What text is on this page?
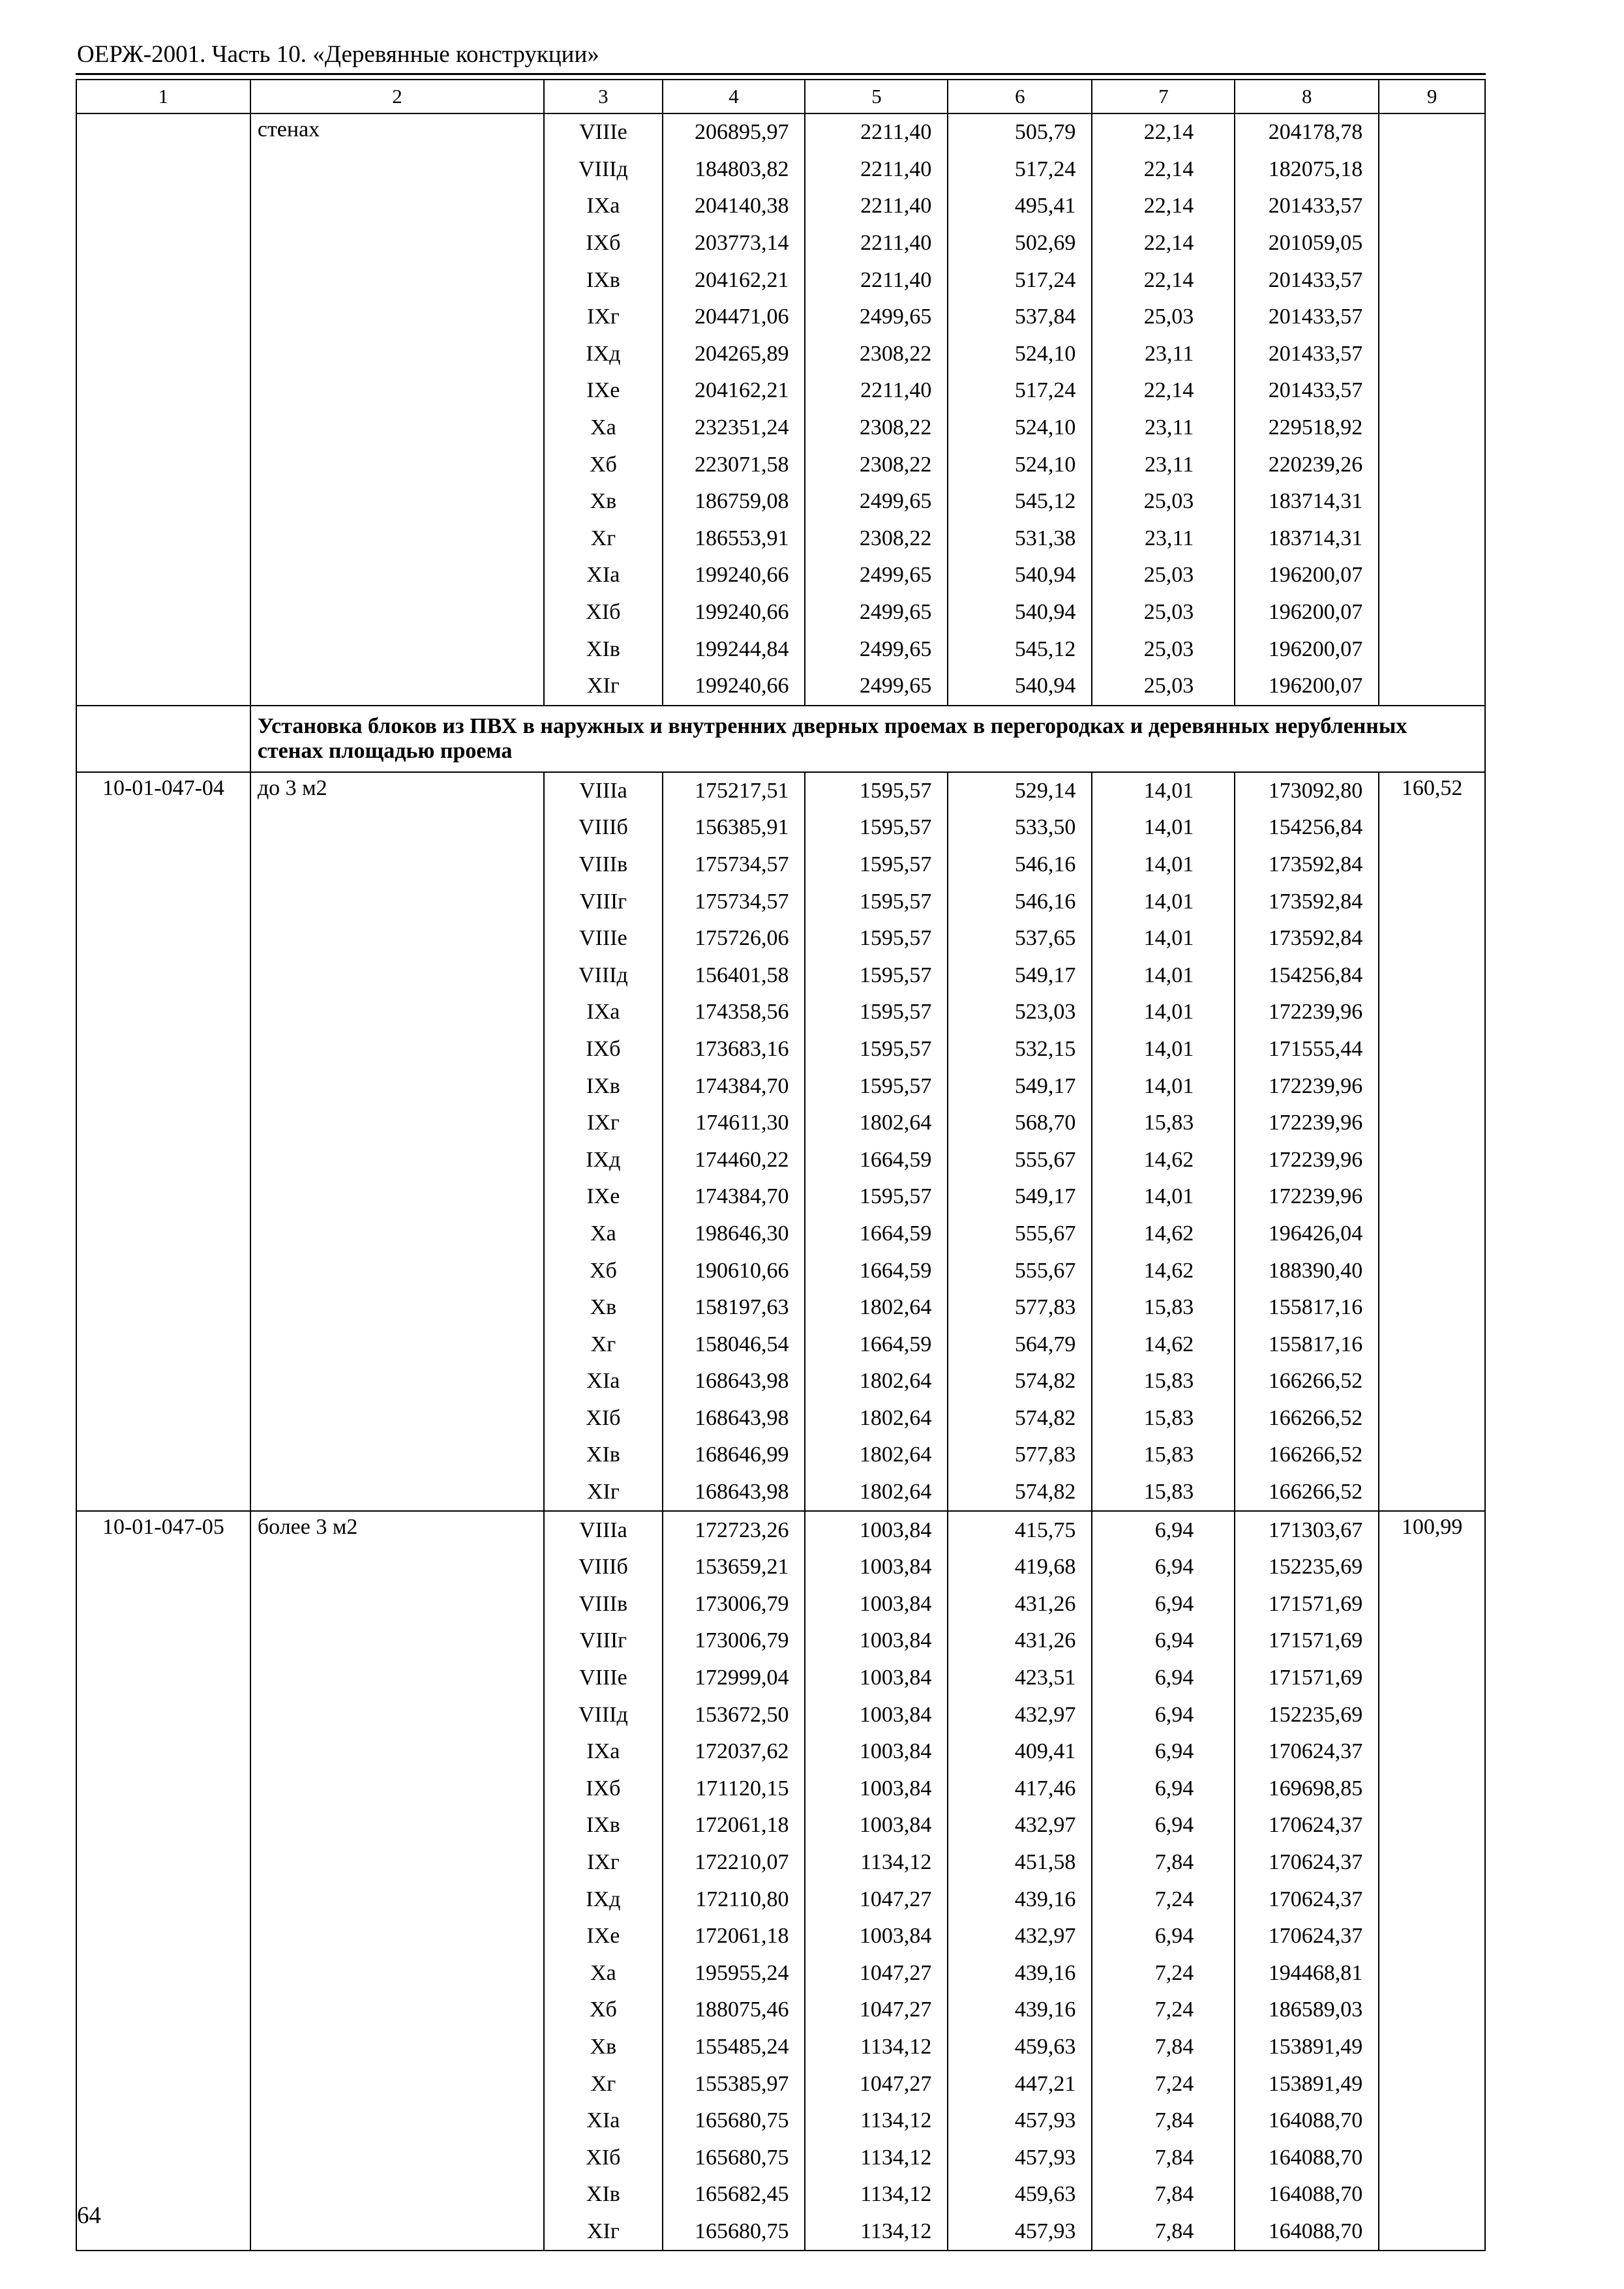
ОЕРЖ-2001. Часть 10. «Деревянные конструкции»
1	2	3	4	5	6	7	8	9
	стенах	VIIIe	206895,97	2211,40	505,79	22,14	204178,78	
		VIIIд	184803,82	2211,40	517,24	22,14	182075,18	
		IXa	204140,38	2211,40	495,41	22,14	201433,57	
		IXб	203773,14	2211,40	502,69	22,14	201059,05	
		IXв	204162,21	2211,40	517,24	22,14	201433,57	
		IXг	204471,06	2499,65	537,84	25,03	201433,57	
		IXд	204265,89	2308,22	524,10	23,11	201433,57	
		IXe	204162,21	2211,40	517,24	22,14	201433,57	
		Xa	232351,24	2308,22	524,10	23,11	229518,92	
		Xб	223071,58	2308,22	524,10	23,11	220239,26	
		Xв	186759,08	2499,65	545,12	25,03	183714,31	
		Xг	186553,91	2308,22	531,38	23,11	183714,31	
		XIa	199240,66	2499,65	540,94	25,03	196200,07	
		XIб	199240,66	2499,65	540,94	25,03	196200,07	
		XIв	199244,84	2499,65	545,12	25,03	196200,07	
		XIг	199240,66	2499,65	540,94	25,03	196200,07	
	Установка блоков из ПВХ в наружных и внутренних дверных проемах в перегородках и деревянных нерубленных стенах площадью проема							
10-01-047-04	до 3 м2	VIIIa	175217,51	1595,57	529,14	14,01	173092,80	160,52
		VIIIб	156385,91	1595,57	533,50	14,01	154256,84	
		VIIIв	175734,57	1595,57	546,16	14,01	173592,84	
		VIIIг	175734,57	1595,57	546,16	14,01	173592,84	
		VIIIe	175726,06	1595,57	537,65	14,01	173592,84	
		VIIIд	156401,58	1595,57	549,17	14,01	154256,84	
		IXa	174358,56	1595,57	523,03	14,01	172239,96	
		IXб	173683,16	1595,57	532,15	14,01	171555,44	
		IXв	174384,70	1595,57	549,17	14,01	172239,96	
		IXг	174611,30	1802,64	568,70	15,83	172239,96	
		IXд	174460,22	1664,59	555,67	14,62	172239,96	
		IXe	174384,70	1595,57	549,17	14,01	172239,96	
		Xa	198646,30	1664,59	555,67	14,62	196426,04	
		Xб	190610,66	1664,59	555,67	14,62	188390,40	
		Xв	158197,63	1802,64	577,83	15,83	155817,16	
		Xг	158046,54	1664,59	564,79	14,62	155817,16	
		XIa	168643,98	1802,64	574,82	15,83	166266,52	
		XIб	168643,98	1802,64	574,82	15,83	166266,52	
		XIв	168646,99	1802,64	577,83	15,83	166266,52	
		XIг	168643,98	1802,64	574,82	15,83	166266,52	
10-01-047-05	более 3 м2	VIIIa	172723,26	1003,84	415,75	6,94	171303,67	100,99
		VIIIб	153659,21	1003,84	419,68	6,94	152235,69	
		VIIIв	173006,79	1003,84	431,26	6,94	171571,69	
		VIIIг	173006,79	1003,84	431,26	6,94	171571,69	
		VIIIe	172999,04	1003,84	423,51	6,94	171571,69	
		VIIIд	153672,50	1003,84	432,97	6,94	152235,69	
		IXa	172037,62	1003,84	409,41	6,94	170624,37	
		IXб	171120,15	1003,84	417,46	6,94	169698,85	
		IXв	172061,18	1003,84	432,97	6,94	170624,37	
		IXг	172210,07	1134,12	451,58	7,84	170624,37	
		IXд	172110,80	1047,27	439,16	7,24	170624,37	
		IXe	172061,18	1003,84	432,97	6,94	170624,37	
		Xa	195955,24	1047,27	439,16	7,24	194468,81	
		Xб	188075,46	1047,27	439,16	7,24	186589,03	
		Xв	155485,24	1134,12	459,63	7,84	153891,49	
		Xг	155385,97	1047,27	447,21	7,24	153891,49	
		XIa	165680,75	1134,12	457,93	7,84	164088,70	
		XIб	165680,75	1134,12	457,93	7,84	164088,70	
		XIв	165682,45	1134,12	459,63	7,84	164088,70	
		XIг	165680,75	1134,12	457,93	7,84	164088,70	
64
